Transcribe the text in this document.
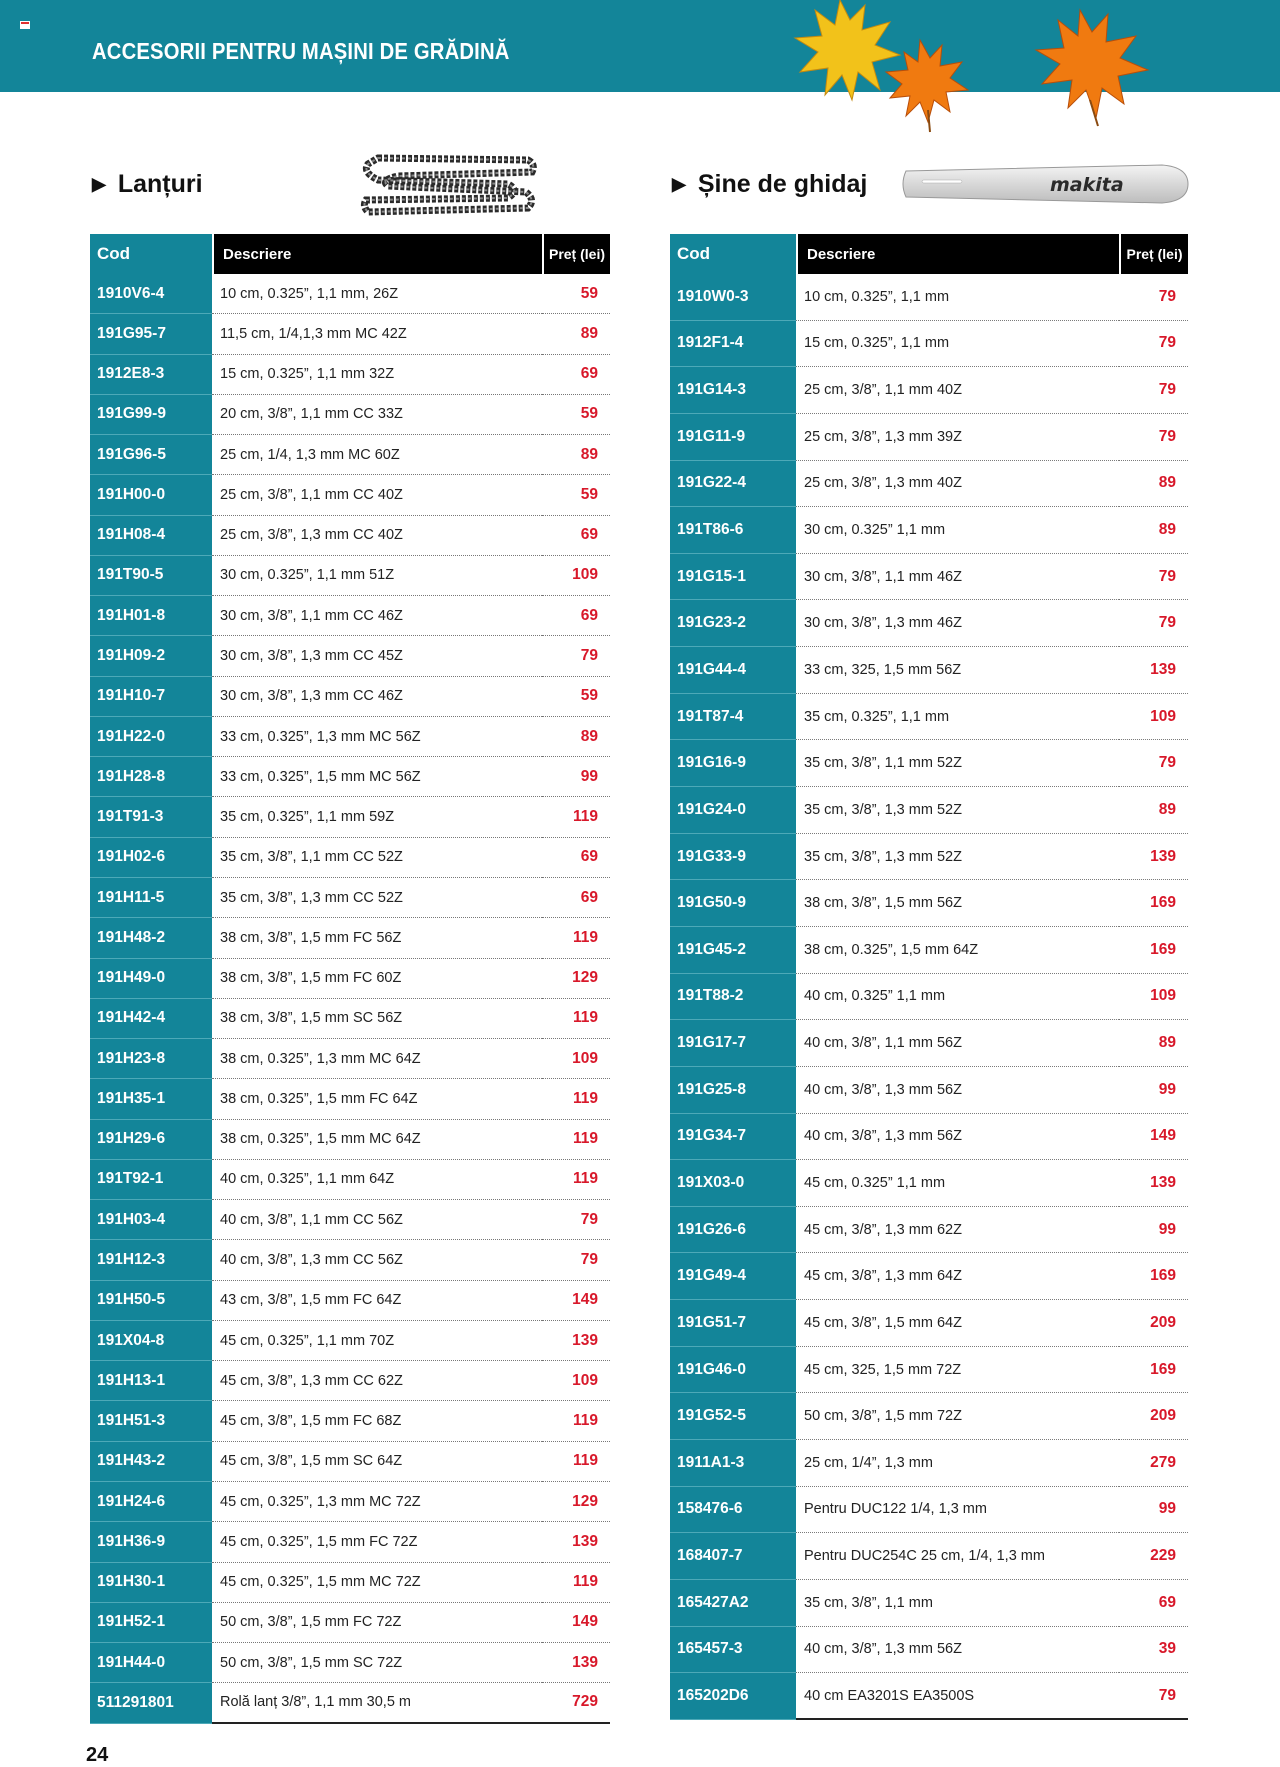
ACCESORII PENTRU MAȘINI DE GRĂDINĂ
▶ Lanțuri	▶ Șine de ghidaj	makita
Cod	Descriere	Preț (lei)
1910V6-4	10 cm, 0.325”, 1,1 mm, 26Z	59
191G95-7	11,5 cm, 1/4,1,3 mm MC 42Z	89
1912E8-3	15 cm, 0.325”, 1,1 mm 32Z	69
191G99-9	20 cm, 3/8”, 1,1 mm CC 33Z	59
191G96-5	25 cm, 1/4, 1,3 mm MC 60Z	89
191H00-0	25 cm, 3/8”, 1,1 mm CC 40Z	59
191H08-4	25 cm, 3/8”, 1,3 mm CC 40Z	69
191T90-5	30 cm, 0.325”, 1,1 mm 51Z	109
191H01-8	30 cm, 3/8”, 1,1 mm CC 46Z	69
191H09-2	30 cm, 3/8”, 1,3 mm CC 45Z	79
191H10-7	30 cm, 3/8”, 1,3 mm CC 46Z	59
191H22-0	33 cm, 0.325”, 1,3 mm MC 56Z	89
191H28-8	33 cm, 0.325”, 1,5 mm MC 56Z	99
191T91-3	35 cm, 0.325”, 1,1 mm 59Z	119
191H02-6	35 cm, 3/8”, 1,1 mm CC 52Z	69
191H11-5	35 cm, 3/8”, 1,3 mm CC 52Z	69
191H48-2	38 cm, 3/8”, 1,5 mm FC 56Z	119
191H49-0	38 cm, 3/8”, 1,5 mm FC 60Z	129
191H42-4	38 cm, 3/8”, 1,5 mm SC 56Z	119
191H23-8	38 cm, 0.325”, 1,3 mm MC 64Z	109
191H35-1	38 cm, 0.325”, 1,5 mm FC 64Z	119
191H29-6	38 cm, 0.325”, 1,5 mm MC 64Z	119
191T92-1	40 cm, 0.325”, 1,1 mm 64Z	119
191H03-4	40 cm, 3/8”, 1,1 mm CC 56Z	79
191H12-3	40 cm, 3/8”, 1,3 mm CC 56Z	79
191H50-5	43 cm, 3/8”, 1,5 mm FC 64Z	149
191X04-8	45 cm, 0.325”, 1,1 mm 70Z	139
191H13-1	45 cm, 3/8”, 1,3 mm CC 62Z	109
191H51-3	45 cm, 3/8”, 1,5 mm FC 68Z	119
191H43-2	45 cm, 3/8”, 1,5 mm SC 64Z	119
191H24-6	45 cm, 0.325”, 1,3 mm MC 72Z	129
191H36-9	45 cm, 0.325”, 1,5 mm FC 72Z	139
191H30-1	45 cm, 0.325”, 1,5 mm MC 72Z	119
191H52-1	50 cm, 3/8”, 1,5 mm FC 72Z	149
191H44-0	50 cm, 3/8”, 1,5 mm SC 72Z	139
511291801	Rolă lanț 3/8”, 1,1 mm 30,5 m	729
Cod	Descriere	Preț (lei)
1910W0-3	10 cm, 0.325”, 1,1 mm	79
1912F1-4	15 cm, 0.325”, 1,1 mm	79
191G14-3	25 cm, 3/8”, 1,1 mm 40Z	79
191G11-9	25 cm, 3/8”, 1,3 mm 39Z	79
191G22-4	25 cm, 3/8”, 1,3 mm 40Z	89
191T86-6	30 cm, 0.325” 1,1 mm	89
191G15-1	30 cm, 3/8”, 1,1 mm 46Z	79
191G23-2	30 cm, 3/8”, 1,3 mm 46Z	79
191G44-4	33 cm, 325, 1,5 mm 56Z	139
191T87-4	35 cm, 0.325”, 1,1 mm	109
191G16-9	35 cm, 3/8”, 1,1 mm 52Z	79
191G24-0	35 cm, 3/8”, 1,3 mm 52Z	89
191G33-9	35 cm, 3/8”, 1,3 mm 52Z	139
191G50-9	38 cm, 3/8”, 1,5 mm 56Z	169
191G45-2	38 cm, 0.325”, 1,5 mm 64Z	169
191T88-2	40 cm, 0.325” 1,1 mm	109
191G17-7	40 cm, 3/8”, 1,1 mm 56Z	89
191G25-8	40 cm, 3/8”, 1,3 mm 56Z	99
191G34-7	40 cm, 3/8”, 1,3 mm 56Z	149
191X03-0	45 cm, 0.325” 1,1 mm	139
191G26-6	45 cm, 3/8”, 1,3 mm 62Z	99
191G49-4	45 cm, 3/8”, 1,3 mm 64Z	169
191G51-7	45 cm, 3/8”, 1,5 mm 64Z	209
191G46-0	45 cm, 325, 1,5 mm 72Z	169
191G52-5	50 cm, 3/8”, 1,5 mm 72Z	209
1911A1-3	25 cm, 1/4”, 1,3 mm	279
158476-6	Pentru DUC122 1/4, 1,3 mm	99
168407-7	Pentru DUC254C 25 cm, 1/4, 1,3 mm	229
165427A2	35 cm, 3/8”, 1,1 mm	69
165457-3	40 cm, 3/8”, 1,3 mm 56Z	39
165202D6	40 cm EA3201S EA3500S	79
24
